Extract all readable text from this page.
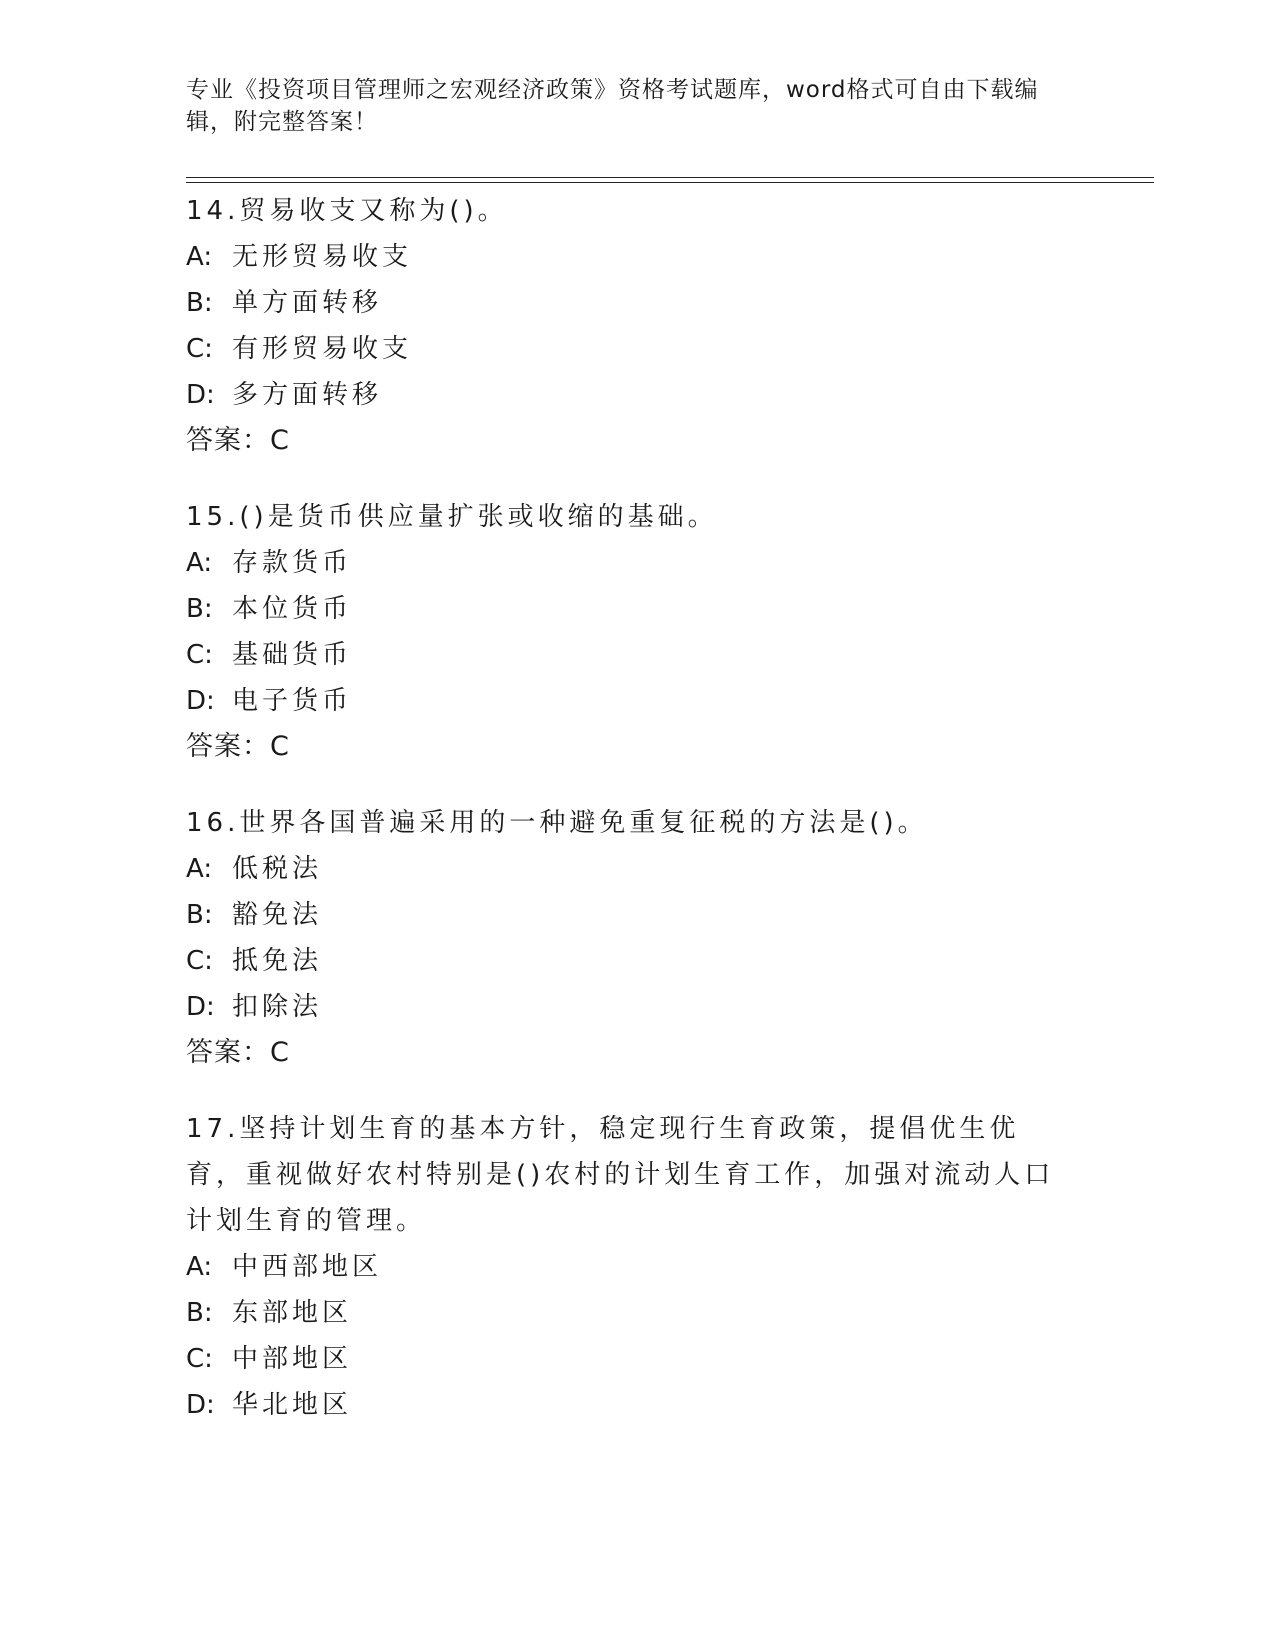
专业《投资项目管理师之宏观经济政策》资格考试题库，word格式可自由下载编辑，附完整答案！
14.贸易收支又称为()。
A: 无形贸易收支
B: 单方面转移
C: 有形贸易收支
D: 多方面转移
答案：C
15.()是货币供应量扩张或收缩的基础。
A: 存款货币
B: 本位货币
C: 基础货币
D: 电子货币
答案：C
16.世界各国普遍采用的一种避免重复征税的方法是()。
A: 低税法
B: 豁免法
C: 抵免法
D: 扣除法
答案：C
17.坚持计划生育的基本方针，稳定现行生育政策，提倡优生优育，重视做好农村特别是()农村的计划生育工作，加强对流动人口计划生育的管理。
A: 中西部地区
B: 东部地区
C: 中部地区
D: 华北地区
